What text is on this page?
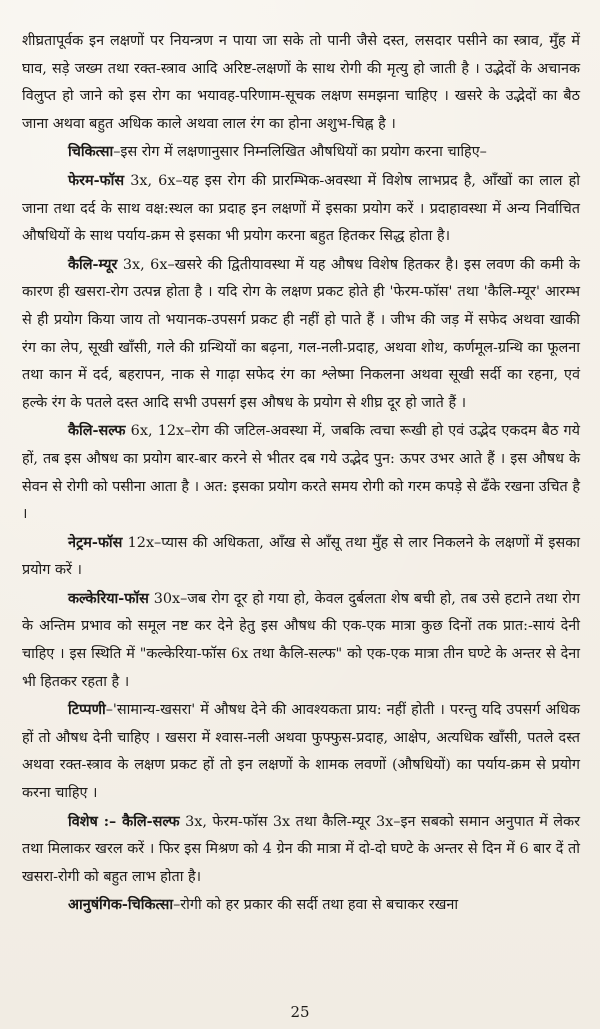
शीघ्रतापूर्वक इन लक्षणों पर नियन्त्रण न पाया जा सके तो पानी जैसे दस्त, लसदार पसीने का स्त्राव, मुँह में घाव, सड़े जख्म तथा रक्त-स्त्राव आदि अरिष्ट-लक्षणों के साथ रोगी की मृत्यु हो जाती है । उद्भेदों के अचानक विलुप्त हो जाने को इस रोग का भयावह-परिणाम-सूचक लक्षण समझना चाहिए । खसरे के उद्भेदों का बैठ जाना अथवा बहुत अधिक काले अथवा लाल रंग का होना अशुभ-चिह्न है ।

चिकित्सा–इस रोग में लक्षणानुसार निम्नलिखित औषधियों का प्रयोग करना चाहिए–

फेरम-फॉस 3x, 6x–यह इस रोग की प्रारम्भिक-अवस्था में विशेष लाभप्रद है, आँखों का लाल हो जाना तथा दर्द के साथ वक्ष:स्थल का प्रदाह इन लक्षणों में इसका प्रयोग करें । प्रदाहावस्था में अन्य निर्वाचित औषधियों के साथ पर्याय-क्रम से इसका भी प्रयोग करना बहुत हितकर सिद्ध होता है।

कैलि-म्यूर 3x, 6x–खसरे की द्वितीयावस्था में यह औषध विशेष हितकर है। इस लवण की कमी के कारण ही खसरा-रोग उत्पन्न होता है । यदि रोग के लक्षण प्रकट होते ही 'फेरम-फॉस' तथा 'कैलि-म्यूर' आरम्भ से ही प्रयोग किया जाय तो भयानक-उपसर्ग प्रकट ही नहीं हो पाते हैं । जीभ की जड़ में सफेद अथवा खाकी रंग का लेप, सूखी खाँसी, गले की ग्रन्थियों का बढ़ना, गल-नली-प्रदाह, अथवा शोथ, कर्णमूल-ग्रन्थि का फूलना तथा कान में दर्द, बहरापन, नाक से गाढ़ा सफेद रंग का श्लेष्मा निकलना अथवा सूखी सर्दी का रहना, एवं हल्के रंग के पतले दस्त आदि सभी उपसर्ग इस औषध के प्रयोग से शीघ्र दूर हो जाते हैं ।

कैलि-सल्फ 6x, 12x–रोग की जटिल-अवस्था में, जबकि त्वचा रूखी हो एवं उद्भेद एकदम बैठ गये हों, तब इस औषध का प्रयोग बार-बार करने से भीतर दब गये उद्भेद पुन: ऊपर उभर आते हैं । इस औषध के सेवन से रोगी को पसीना आता है । अत: इसका प्रयोग करते समय रोगी को गरम कपड़े से ढँके रखना उचित है ।

नेट्रम-फॉस 12x–प्यास की अधिकता, आँख से आँसू तथा मुँह से लार निकलने के लक्षणों में इसका प्रयोग करें ।

कल्केरिया-फॉस 30x–जब रोग दूर हो गया हो, केवल दुर्बलता शेष बची हो, तब उसे हटाने तथा रोग के अन्तिम प्रभाव को समूल नष्ट कर देने हेतु इस औषध की एक-एक मात्रा कुछ दिनों तक प्रात:-सायं देनी चाहिए । इस स्थिति में "कल्केरिया-फॉस 6x तथा कैलि-सल्फ" को एक-एक मात्रा तीन घण्टे के अन्तर से देना भी हितकर रहता है ।

टिप्पणी–'सामान्य-खसरा' में औषध देने की आवश्यकता प्राय: नहीं होती । परन्तु यदि उपसर्ग अधिक हों तो औषध देनी चाहिए । खसरा में श्वास-नली अथवा फुफ्फुस-प्रदाह, आक्षेप, अत्यधिक खाँसी, पतले दस्त अथवा रक्त-स्त्राव के लक्षण प्रकट हों तो इन लक्षणों के शामक लवणों (औषधियों) का पर्याय-क्रम से प्रयोग करना चाहिए ।

विशेष :– कैलि-सल्फ 3x, फेरम-फॉस 3x तथा कैलि-म्यूर 3x–इन सबको समान अनुपात में लेकर तथा मिलाकर खरल करें । फिर इस मिश्रण को 4 ग्रेन की मात्रा में दो-दो घण्टे के अन्तर से दिन में 6 बार दें तो खसरा-रोगी को बहुत लाभ होता है।

आनुषंगिक-चिकित्सा–रोगी को हर प्रकार की सर्दी तथा हवा से बचाकर रखना

25
